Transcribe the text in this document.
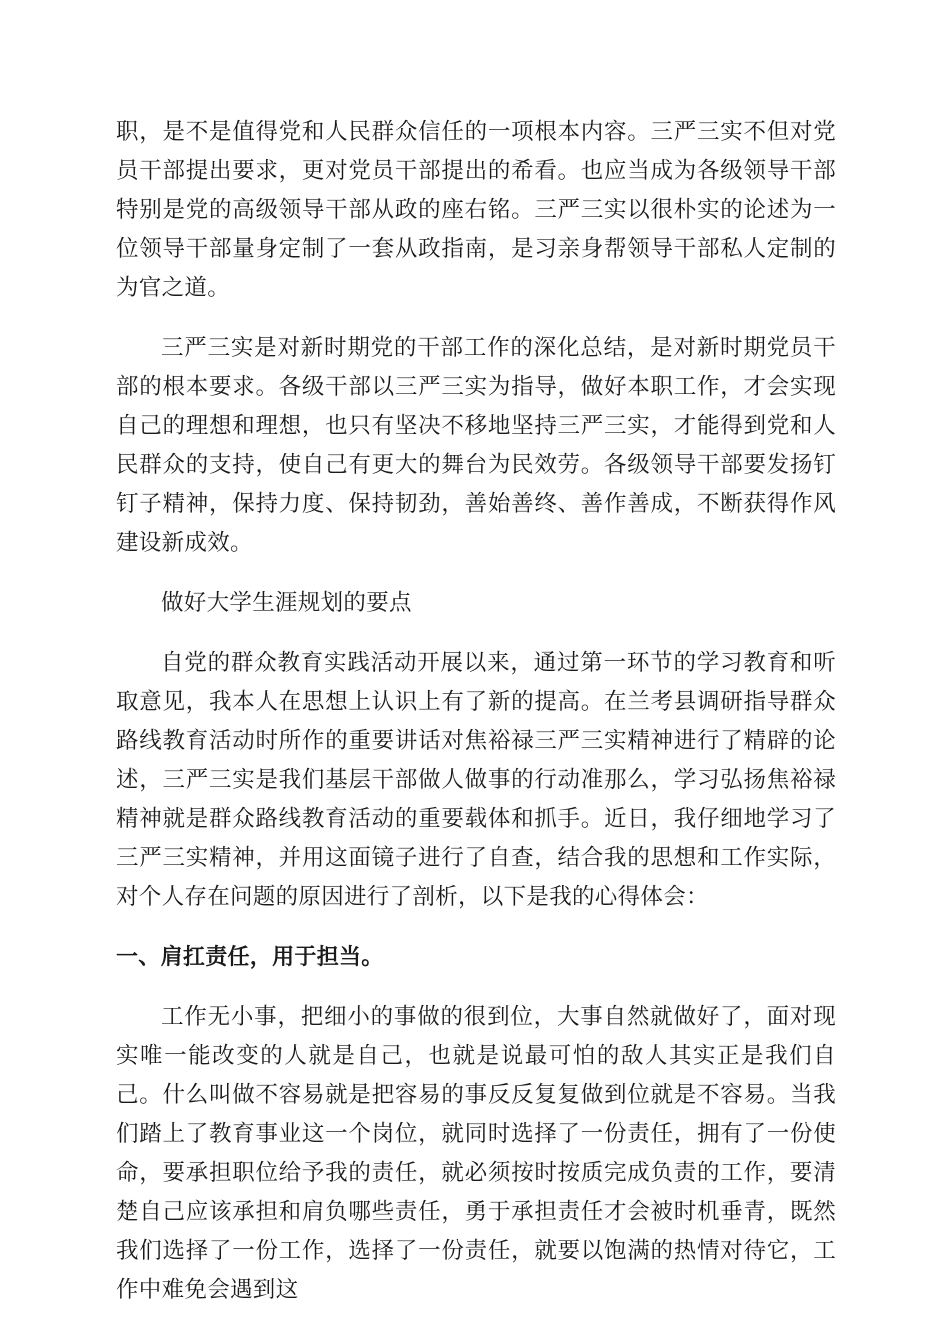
职，是不是值得党和人民群众信任的一项根本内容。三严三实不但对党员干部提出要求，更对党员干部提出的希看。也应当成为各级领导干部特别是党的高级领导干部从政的座右铭。三严三实以很朴实的论述为一位领导干部量身定制了一套从政指南，是习亲身帮领导干部私人定制的为官之道。

三严三实是对新时期党的干部工作的深化总结，是对新时期党员干部的根本要求。各级干部以三严三实为指导，做好本职工作，才会实现自己的理想和理想，也只有坚决不移地坚持三严三实，才能得到党和人民群众的支持，使自己有更大的舞台为民效劳。各级领导干部要发扬钉钉子精神，保持力度、保持韧劲，善始善终、善作善成，不断获得作风建设新成效。

做好大学生涯规划的要点

自党的群众教育实践活动开展以来，通过第一环节的学习教育和听取意见，我本人在思想上认识上有了新的提高。在兰考县调研指导群众路线教育活动时所作的重要讲话对焦裕禄三严三实精神进行了精辟的论述，三严三实是我们基层干部做人做事的行动准那么，学习弘扬焦裕禄精神就是群众路线教育活动的重要载体和抓手。近日，我仔细地学习了三严三实精神，并用这面镜子进行了自查，结合我的思想和工作实际，对个人存在问题的原因进行了剖析，以下是我的心得体会：

一、肩扛责任，用于担当。

工作无小事，把细小的事做的很到位，大事自然就做好了，面对现实唯一能改变的人就是自己，也就是说最可怕的敌人其实正是我们自己。什么叫做不容易就是把容易的事反反复复做到位就是不容易。当我们踏上了教育事业这一个岗位，就同时选择了一份责任，拥有了一份使命，要承担职位给予我的责任，就必须按时按质完成负责的工作，要清楚自己应该承担和肩负哪些责任，勇于承担责任才会被时机垂青，既然我们选择了一份工作，选择了一份责任，就要以饱满的热情对待它，工作中难免会遇到这
